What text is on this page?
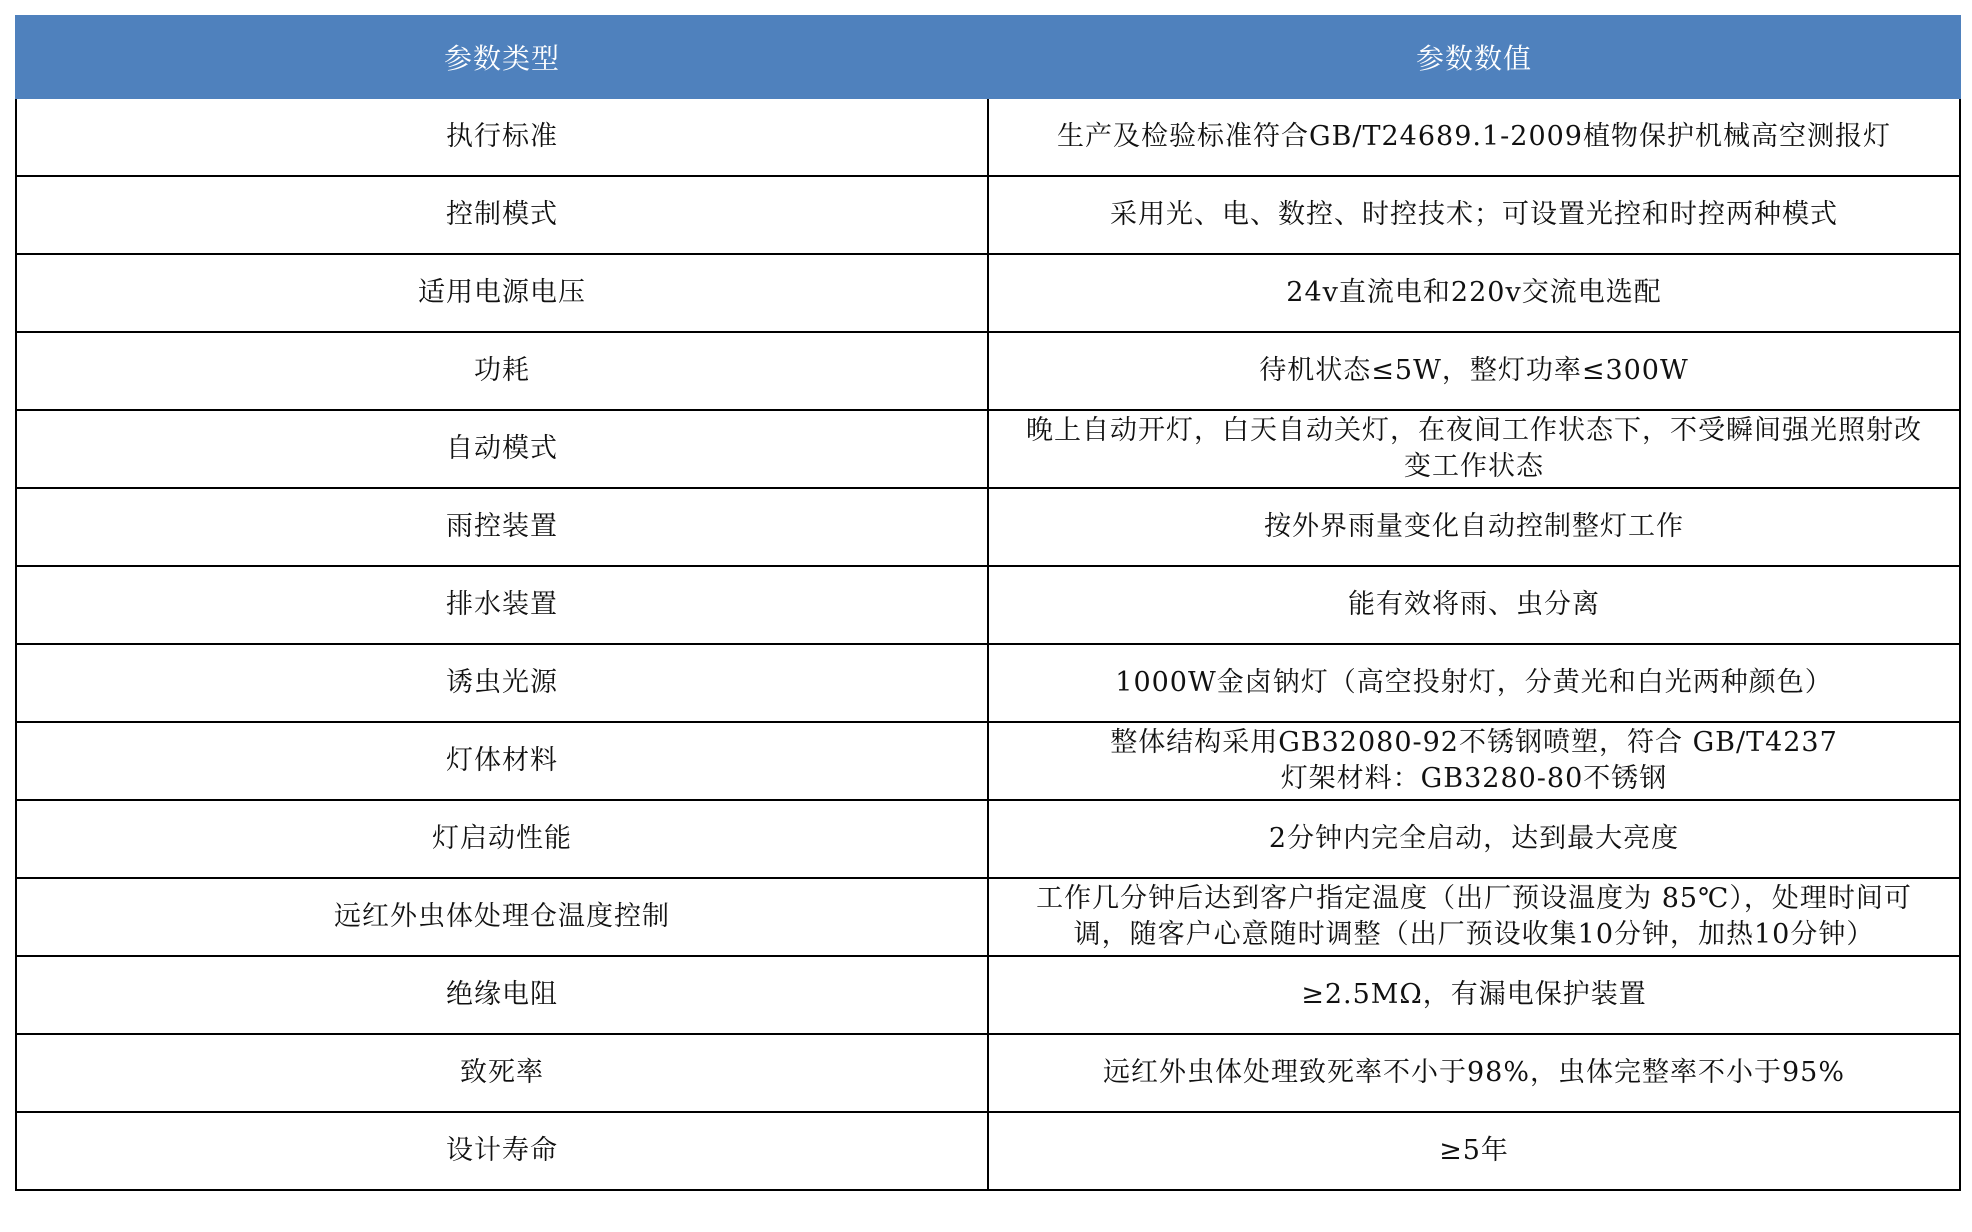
参数类型	参数数值
执行标准	生产及检验标准符合GB/T24689.1-2009植物保护机械高空测报灯
控制模式	采用光、电、数控、时控技术；可设置光控和时控两种模式
适用电源电压	24v直流电和220v交流电选配
功耗	待机状态≤5W，整灯功率≤300W
自动模式	晚上自动开灯，白天自动关灯，在夜间工作状态下，不受瞬间强光照射改
变工作状态
雨控装置	按外界雨量变化自动控制整灯工作
排水装置	能有效将雨、虫分离
诱虫光源	1000W金卤钠灯（高空投射灯，分黄光和白光两种颜色）
灯体材料	整体结构采用GB32080-92不锈钢喷塑，符合 GB/T4237
灯架材料：GB3280-80不锈钢
灯启动性能	2分钟内完全启动，达到最大亮度
远红外虫体处理仓温度控制	工作几分钟后达到客户指定温度（出厂预设温度为 85℃），处理时间可
调，随客户心意随时调整（出厂预设收集10分钟，加热10分钟）
绝缘电阻	≥2.5MΩ，有漏电保护装置
致死率	远红外虫体处理致死率不小于98%，虫体完整率不小于95%
设计寿命	≥5年
